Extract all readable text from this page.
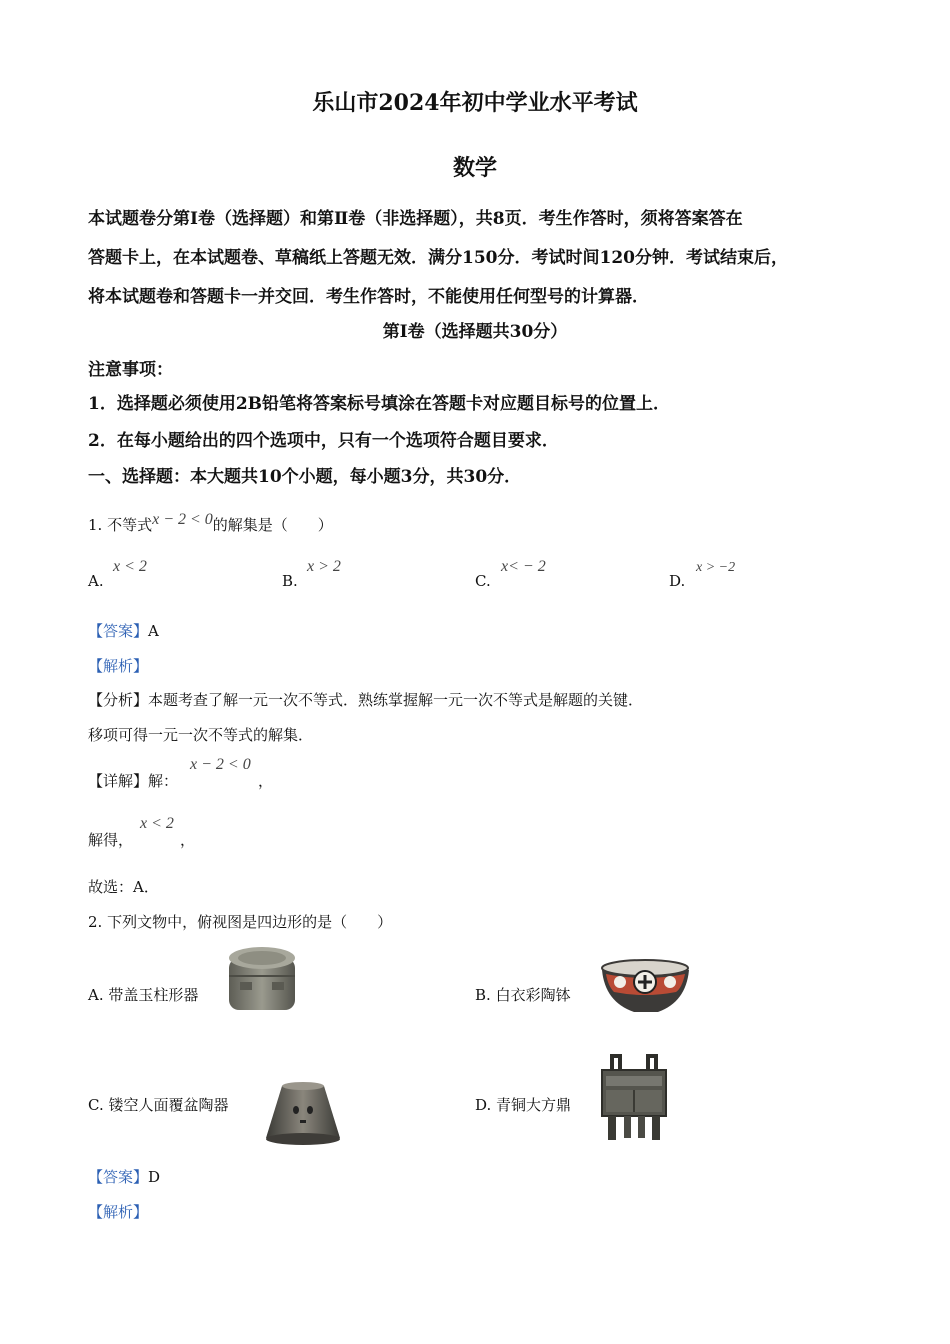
乐山市2024年初中学业水平考试
数学
本试题卷分第Ⅰ卷（选择题）和第Ⅱ卷（非选择题），共8页．考生作答时，须将答案答在
答题卡上，在本试题卷、草稿纸上答题无效．满分150分．考试时间120分钟．考试结束后，
将本试题卷和答题卡一并交回．考生作答时，不能使用任何型号的计算器．
第Ⅰ卷（选择题共30分）
注意事项：
1．选择题必须使用2B铅笔将答案标号填涂在答题卡对应题目标号的位置上．
2．在每小题给出的四个选项中，只有一个选项符合题目要求．
一、选择题：本大题共10个小题，每小题3分，共30分．
1. 不等式x − 2 < 0的解集是（　　）
A.
x < 2
B.
x > 2
C.
x< − 2
D.
x > −2
【答案】A
【解析】
【分析】本题考查了解一元一次不等式．熟练掌握解一元一次不等式是解题的关键．
移项可得一元一次不等式的解集．
【详解】解：
x − 2 < 0
，
解得，
x < 2
，
故选：A．
2. 下列文物中，俯视图是四边形的是（　　）
A. 带盖玉柱形器	B. 白衣彩陶钵
C. 镂空人面覆盆陶器	D. 青铜大方鼎
【答案】D
【解析】
